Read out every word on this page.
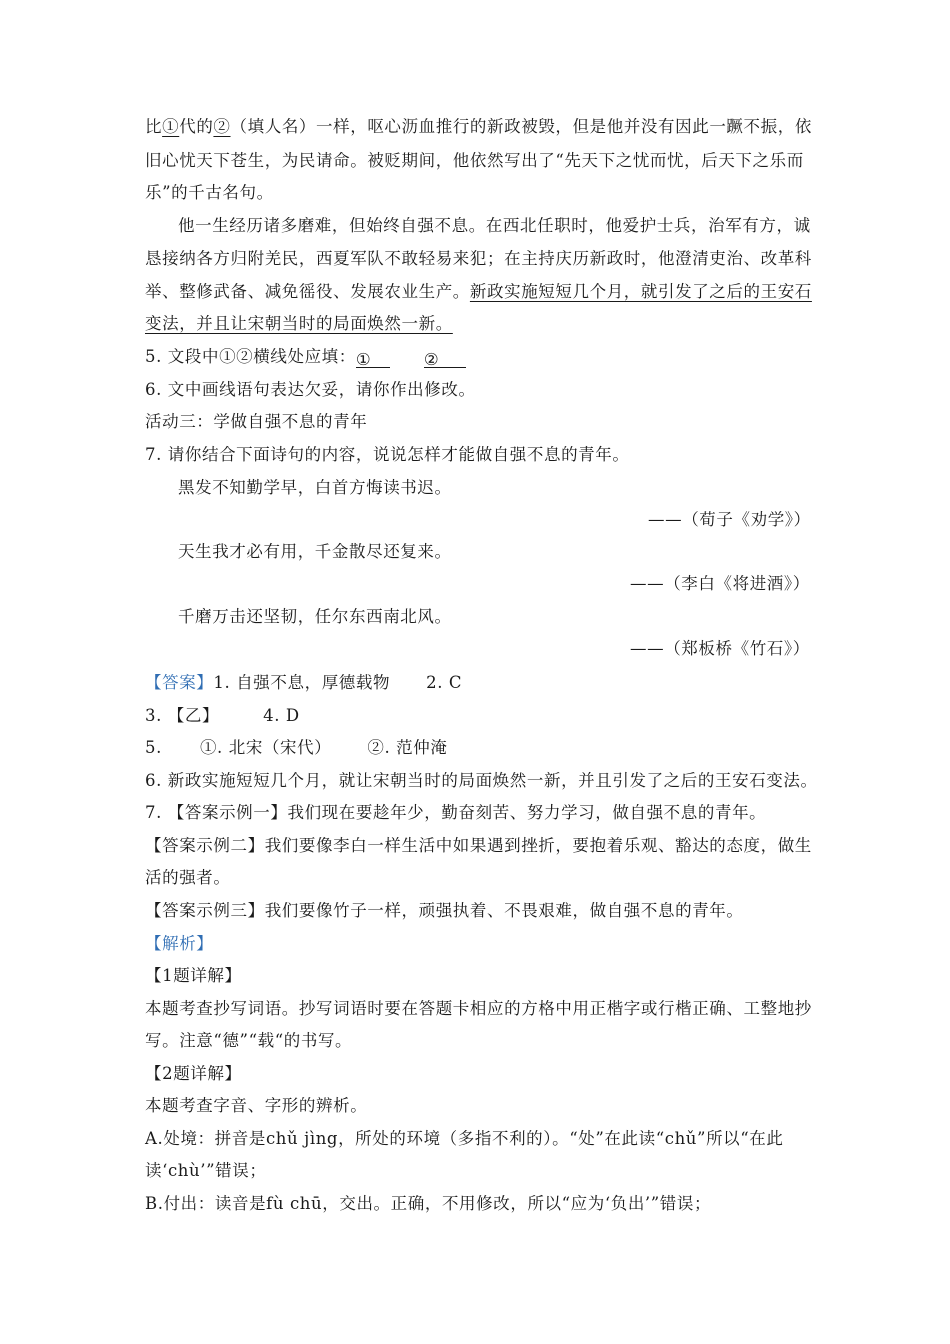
比①代的②（填人名）一样，呕心沥血推行的新政被毁，但是他并没有因此一蹶不振，依
旧心忧天下苍生，为民请命。被贬期间，他依然写出了“先天下之忧而忧，后天下之乐而
乐”的千古名句。
他一生经历诸多磨难，但始终自强不息。在西北任职时，他爱护士兵，治军有方，诚
恳接纳各方归附羌民，西夏军队不敢轻易来犯；在主持庆历新政时，他澄清吏治、改革科
举、整修武备、减免徭役、发展农业生产。新政实施短短几个月，就引发了之后的王安石
变法，并且让宋朝当时的局面焕然一新。
5. 文段中①②横线处应填：①	②
6. 文中画线语句表达欠妥，请你作出修改。
活动三：学做自强不息的青年
7. 请你结合下面诗句的内容，说说怎样才能做自强不息的青年。
黑发不知勤学早，白首方悔读书迟。
——（荀子《劝学》）
天生我才必有用，千金散尽还复来。
——（李白《将进酒》）
千磨万击还坚韧，任尔东西南北风。
——（郑板桥《竹石》）
【答案】1. 自强不息，厚德载物 2. C
3. 【乙】	4. D
5. ①. 北宋（宋代） ②. 范仲淹
6. 新政实施短短几个月，就让宋朝当时的局面焕然一新，并且引发了之后的王安石变法。
7. 【答案示例一】我们现在要趁年少，勤奋刻苦、努力学习，做自强不息的青年。
【答案示例二】我们要像李白一样生活中如果遇到挫折，要抱着乐观、豁达的态度，做生
活的强者。
【答案示例三】我们要像竹子一样，顽强执着、不畏艰难，做自强不息的青年。
【解析】
【1题详解】
本题考查抄写词语。抄写词语时要在答题卡相应的方格中用正楷字或行楷正确、工整地抄
写。注意“德”“载“的书写。
【2题详解】
本题考查字音、字形的辨析。
A.处境：拼音是chǔ jìng，所处的环境（多指不利的）。“处”在此读“chǔ”所以“在此
读‘chù’”错误；
B.付出：读音是fù chū，交出。正确，不用修改，所以“应为‘负出’”错误；
